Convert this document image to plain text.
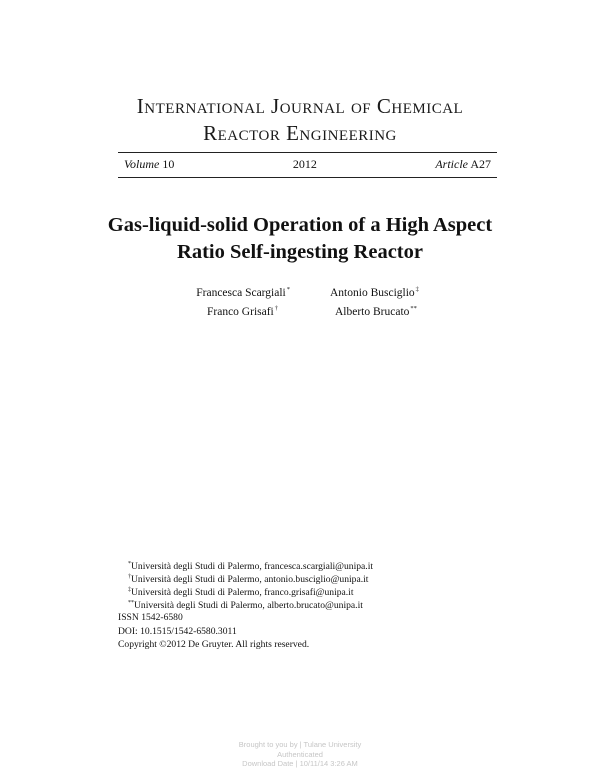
International Journal of Chemical
Reactor Engineering
Volume 10	2012	Article A27
Gas-liquid-solid Operation of a High Aspect
Ratio Self-ingesting Reactor
Francesca Scargiali*	Antonio Busciglio‡
Franco Grisafi†	Alberto Brucato**
*Università degli Studi di Palermo, francesca.scargiali@unipa.it
†Università degli Studi di Palermo, antonio.busciglio@unipa.it
‡Università degli Studi di Palermo, franco.grisafi@unipa.it
**Università degli Studi di Palermo, alberto.brucato@unipa.it
ISSN 1542-6580
DOI: 10.1515/1542-6580.3011
Copyright ©2012 De Gruyter. All rights reserved.
Brought to you by | Tulane University
Authenticated
Download Date | 10/11/14 3:26 AM
